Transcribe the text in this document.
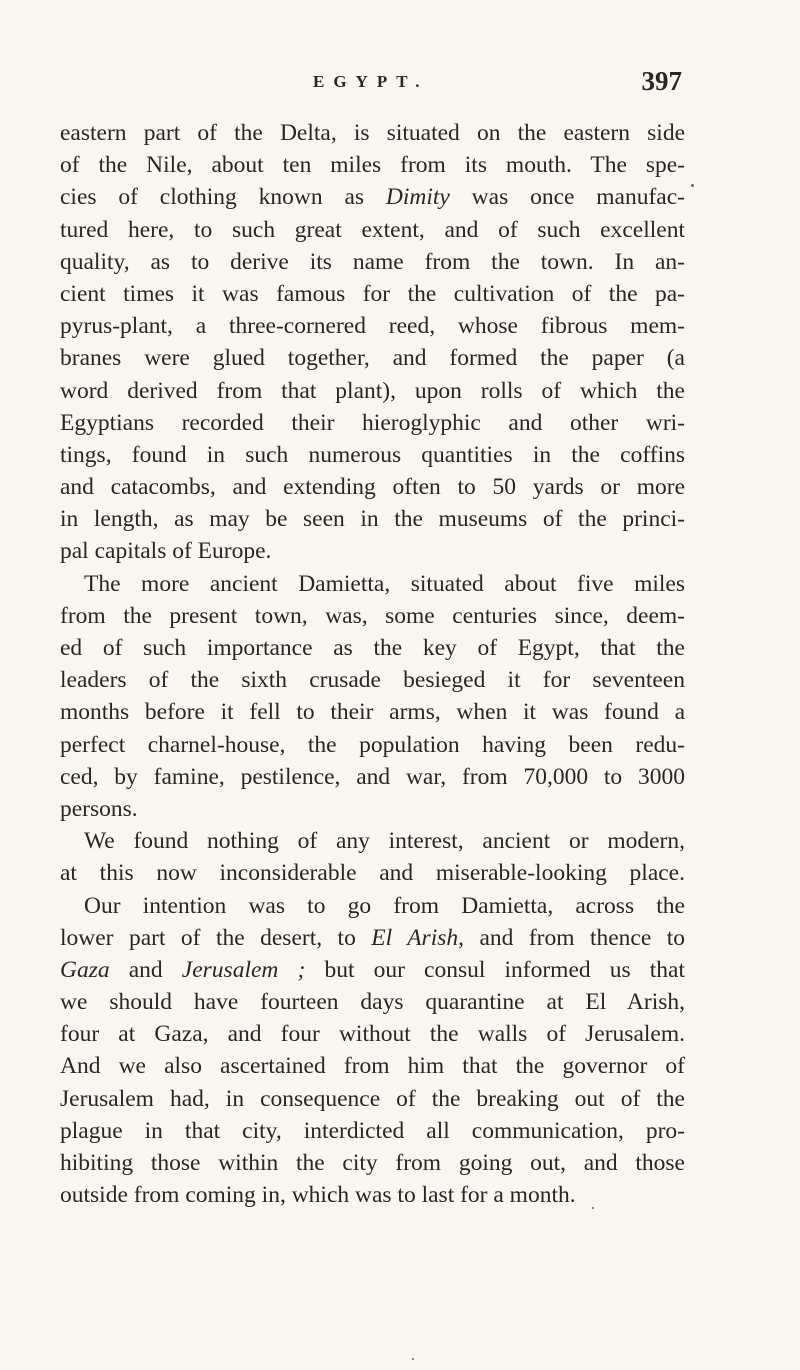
EGYPT.	397
eastern part of the Delta, is situated on the eastern side
of the Nile, about ten miles from its mouth. The spe-
cies of clothing known as Dimity was once manufac-
tured here, to such great extent, and of such excellent
quality, as to derive its name from the town. In an-
cient times it was famous for the cultivation of the pa-
pyrus-plant, a three-cornered reed, whose fibrous mem-
branes were glued together, and formed the paper (a
word derived from that plant), upon rolls of which the
Egyptians recorded their hieroglyphic and other wri-
tings, found in such numerous quantities in the coffins
and catacombs, and extending often to 50 yards or more
in length, as may be seen in the museums of the princi-
pal capitals of Europe.
The more ancient Damietta, situated about five miles
from the present town, was, some centuries since, deem-
ed of such importance as the key of Egypt, that the
leaders of the sixth crusade besieged it for seventeen
months before it fell to their arms, when it was found a
perfect charnel-house, the population having been redu-
ced, by famine, pestilence, and war, from 70,000 to 3000
persons.
We found nothing of any interest, ancient or modern,
at this now inconsiderable and miserable-looking place.
Our intention was to go from Damietta, across the
lower part of the desert, to El Arish, and from thence to
Gaza and Jerusalem ; but our consul informed us that
we should have fourteen days quarantine at El Arish,
four at Gaza, and four without the walls of Jerusalem.
And we also ascertained from him that the governor of
Jerusalem had, in consequence of the breaking out of the
plague in that city, interdicted all communication, pro-
hibiting those within the city from going out, and those
outside from coming in, which was to last for a month.
